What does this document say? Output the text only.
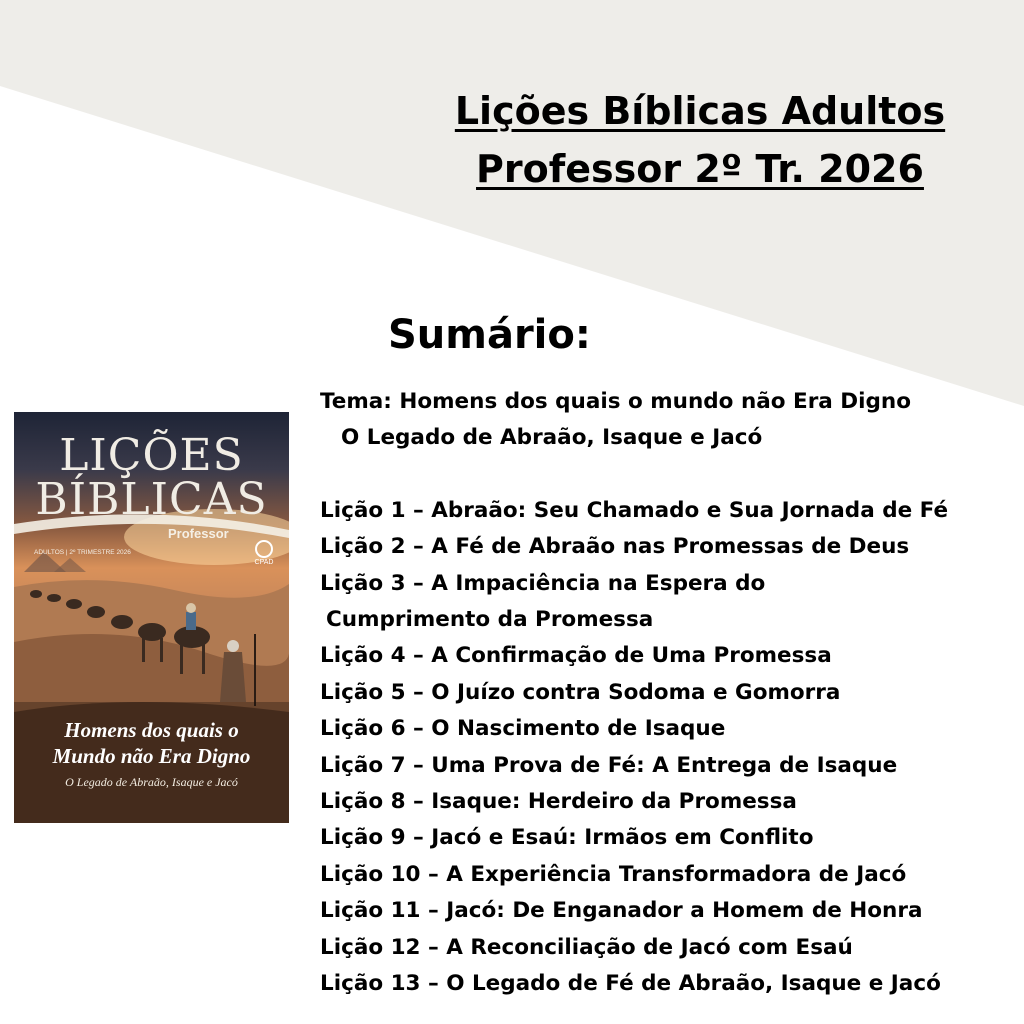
Lições Bíblicas Adultos
Professor 2º Tr. 2026
Sumário:
Tema: Homens dos quais o mundo não Era Digno
O Legado de Abraão, Isaque e Jacó
Lição 1 – Abraão: Seu Chamado e Sua Jornada de Fé
Lição 2 – A Fé de Abraão nas Promessas de Deus
Lição 3 – A Impaciência na Espera do
Cumprimento da Promessa
Lição 4 – A Confirmação de Uma Promessa
Lição 5 – O Juízo contra Sodoma e Gomorra
Lição 6 – O Nascimento de Isaque
Lição 7 – Uma Prova de Fé: A Entrega de Isaque
Lição 8 – Isaque: Herdeiro da Promessa
Lição 9 – Jacó e Esaú: Irmãos em Conflito
Lição 10 – A Experiência Transformadora de Jacó
Lição 11 – Jacó: De Enganador a Homem de Honra
Lição 12 – A Reconciliação de Jacó com Esaú
Lição 13 – O Legado de Fé de Abraão, Isaque e Jacó
LIÇÕES
BÍBLICAS
Professor
ADULTOS | 2º TRIMESTRE 2026
CPAD
Homens dos quais o
Mundo não Era Digno
O Legado de Abraão, Isaque e Jacó
